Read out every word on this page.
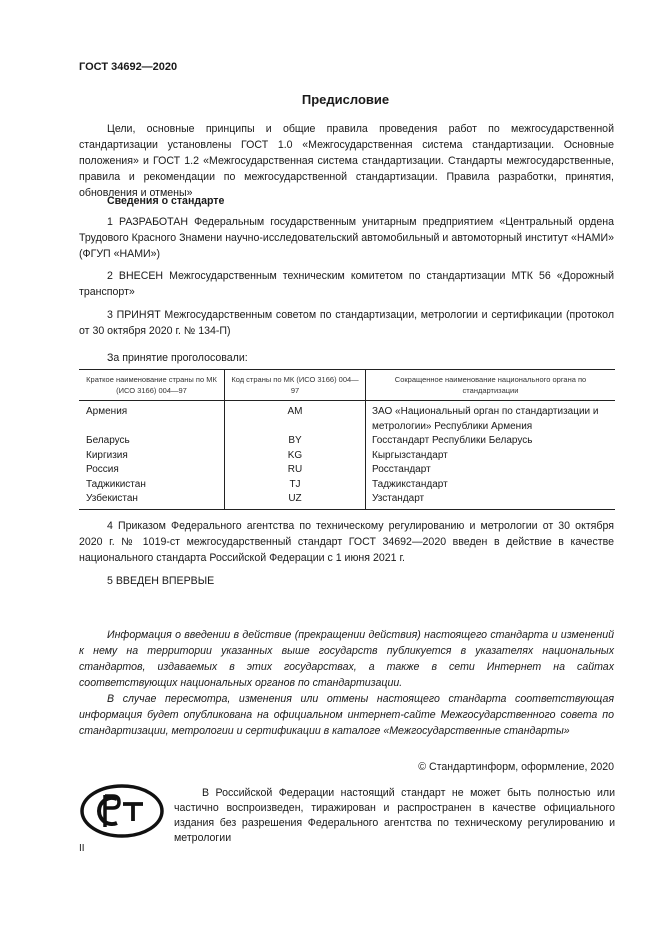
ГОСТ 34692—2020
Предисловие

Цели, основные принципы и общие правила проведения работ по межгосударственной стандартизации установлены ГОСТ 1.0 «Межгосударственная система стандартизации. Основные положения» и ГОСТ 1.2 «Межгосударственная система стандартизации. Стандарты межгосударственные, правила и рекомендации по межгосударственной стандартизации. Правила разработки, принятия, обновления и отмены»

Сведения о стандарте

1 РАЗРАБОТАН Федеральным государственным унитарным предприятием «Центральный ордена Трудового Красного Знамени научно-исследовательский автомобильный и автомоторный институт «НАМИ» (ФГУП «НАМИ»)

2 ВНЕСЕН Межгосударственным техническим комитетом по стандартизации МТК 56 «Дорожный транспорт»

3 ПРИНЯТ Межгосударственным советом по стандартизации, метрологии и сертификации (протокол от 30 октября 2020 г. № 134-П)

За принятие проголосовали:

Краткое наименование страны по МК (ИСО 3166) 004—97	Код страны по МК (ИСО 3166) 004—97	Сокращенное наименование национального органа по стандартизации
Армения	AM	ЗАО «Национальный орган по стандартизации и метрологии» Республики Армения
Беларусь	BY	Госстандарт Республики Беларусь
Киргизия	KG	Кыргызстандарт
Россия	RU	Росстандарт
Таджикистан	TJ	Таджикстандарт
Узбекистан	UZ	Узстандарт

4 Приказом Федерального агентства по техническому регулированию и метрологии от 30 октября 2020 г. № 1019-ст межгосударственный стандарт ГОСТ 34692—2020 введен в действие в качестве национального стандарта Российской Федерации с 1 июня 2021 г.

5 ВВЕДЕН ВПЕРВЫЕ

Информация о введении в действие (прекращении действия) настоящего стандарта и изменений к нему на территории указанных выше государств публикуется в указателях национальных стандартов, издаваемых в этих государствах, а также в сети Интернет на сайтах соответствующих национальных органов по стандартизации.

В случае пересмотра, изменения или отмены настоящего стандарта соответствующая информация будет опубликована на официальном интернет-сайте Межгосударственного совета по стандартизации, метрологии и сертификации в каталоге «Межгосударственные стандарты»

© Стандартинформ, оформление, 2020
В Российской Федерации настоящий стандарт не может быть полностью или частично воспроизведен, тиражирован и распространен в качестве официального издания без разрешения Федерального агентства по техническому регулированию и метрологии
II
